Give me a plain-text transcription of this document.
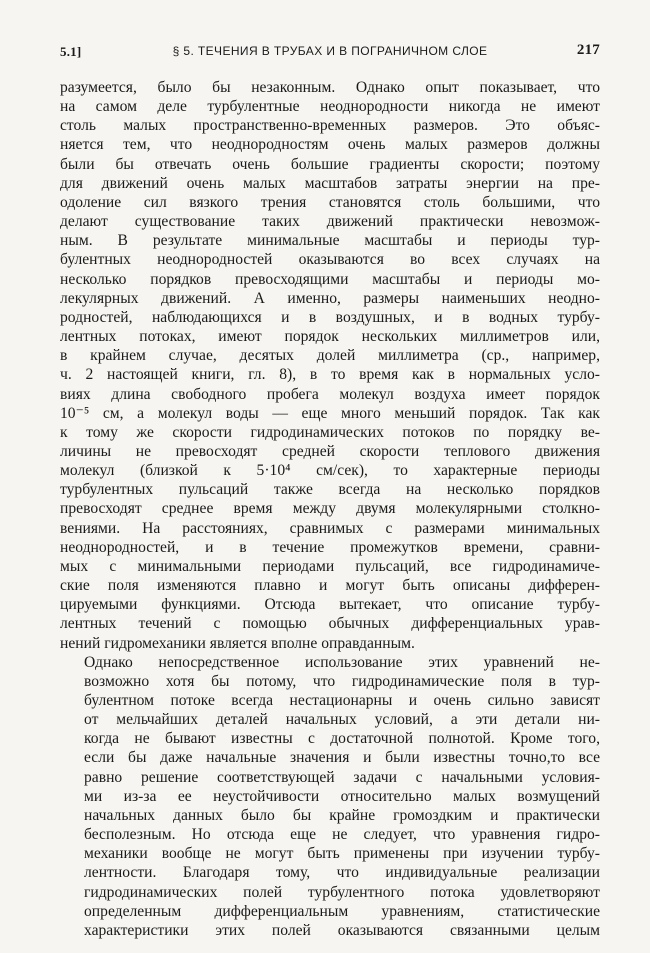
5.1]	§ 5. ТЕЧЕНИЯ В ТРУБАХ И В ПОГРАНИЧНОМ СЛОЕ	217

разумеется, было бы незаконным. Однако опыт показывает, что
на самом деле турбулентные неоднородности никогда не имеют
столь малых пространственно-временных размеров. Это объяс-
няется тем, что неоднородностям очень малых размеров должны
были бы отвечать очень большие градиенты скорости; поэтому
для движений очень малых масштабов затраты энергии на пре-
одоление сил вязкого трения становятся столь большими, что
делают существование таких движений практически невозмож-
ным. В результате минимальные масштабы и периоды тур-
булентных неоднородностей оказываются во всех случаях на
несколько порядков превосходящими масштабы и периоды мо-
лекулярных движений. А именно, размеры наименьших неодно-
родностей, наблюдающихся и в воздушных, и в водных турбу-
лентных потоках, имеют порядок нескольких миллиметров или,
в крайнем случае, десятых долей миллиметра (ср., например,
ч. 2 настоящей книги, гл. 8), в то время как в нормальных усло-
виях длина свободного пробега молекул воздуха имеет порядок
10⁻⁵ см, а молекул воды — еще много меньший порядок. Так как
к тому же скорости гидродинамических потоков по порядку ве-
личины не превосходят средней скорости теплового движения
молекул (близкой к 5·10⁴ см/сек), то характерные периоды
турбулентных пульсаций также всегда на несколько порядков
превосходят среднее время между двумя молекулярными столкно-
вениями. На расстояниях, сравнимых с размерами минимальных
неоднородностей, и в течение промежутков времени, сравни-
мых с минимальными периодами пульсаций, все гидродинамиче-
ские поля изменяются плавно и могут быть описаны дифферен-
цируемыми функциями. Отсюда вытекает, что описание турбу-
лентных течений с помощью обычных дифференциальных урав-
нений гидромеханики является вполне оправданным.

Однако непосредственное использование этих уравнений не-
возможно хотя бы потому, что гидродинамические поля в тур-
булентном потоке всегда нестационарны и очень сильно зависят
от мельчайших деталей начальных условий, а эти детали ни-
когда не бывают известны с достаточной полнотой. Кроме того,
если бы даже начальные значения и были известны точно,то все
равно решение соответствующей задачи с начальными условия-
ми из-за ее неустойчивости относительно малых возмущений
начальных данных было бы крайне громоздким и практически
бесполезным. Но отсюда еще не следует, что уравнения гидро-
механики вообще не могут быть применены при изучении турбу-
лентности. Благодаря тому, что индивидуальные реализации
гидродинамических полей турбулентного потока удовлетворяют
определенным дифференциальным уравнениям, статистические
характеристики этих полей оказываются связанными целым
